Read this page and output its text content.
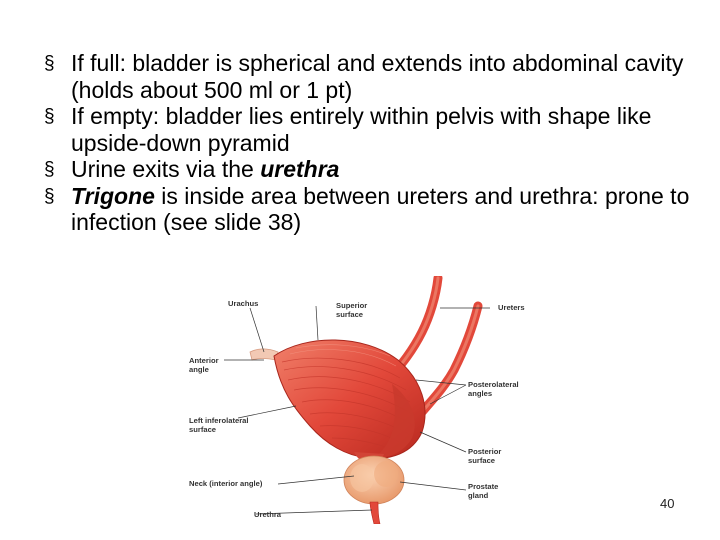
§ If full: bladder is spherical and extends into abdominal cavity (holds about 500 ml or 1 pt)
§ If empty: bladder lies entirely within pelvis with shape like upside-down pyramid
§ Urine exits via the urethra
§ Trigone is inside area between ureters and urethra: prone to infection (see slide 38)
Urachus	Superior surface
Ureters
Anterior angle
Posterolateral angles
Left inferolateral surface
Posterior surface
Neck (interior angle)	Prostate gland
Urethra
40
